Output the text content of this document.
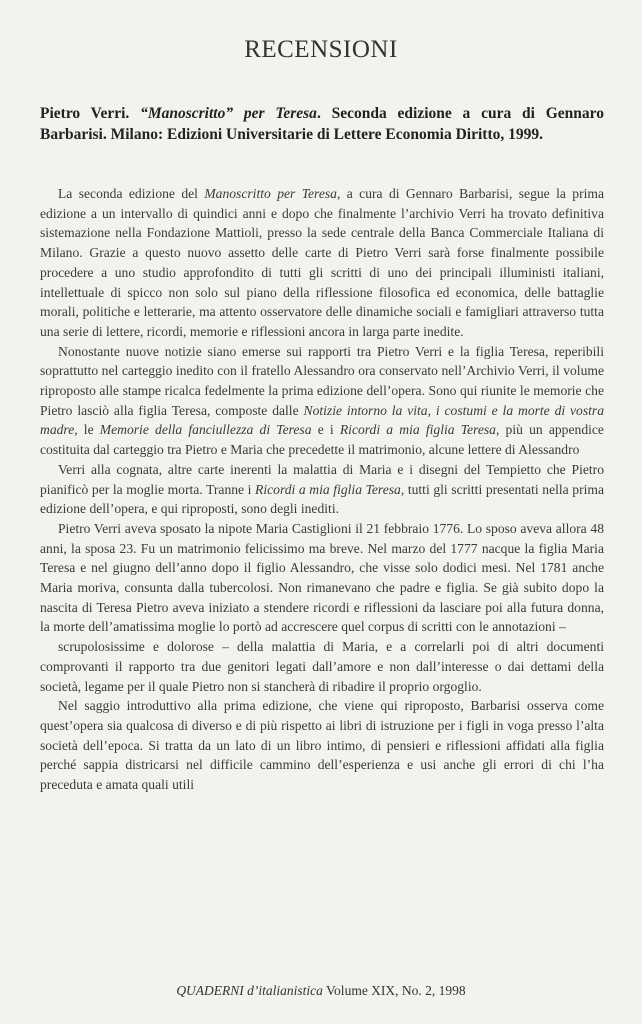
RECENSIONI

Pietro Verri. “Manoscritto” per Teresa. Seconda edizione a cura di Gennaro Barbarisi. Milano: Edizioni Universitarie di Lettere Economia Diritto, 1999.

La seconda edizione del Manoscritto per Teresa, a cura di Gennaro Barbarisi, segue la prima edizione a un intervallo di quindici anni e dopo che finalmente l’archivio Verri ha trovato definitiva sistemazione nella Fondazione Mattioli, presso la sede centrale della Banca Commerciale Italiana di Milano. Grazie a questo nuovo assetto delle carte di Pietro Verri sarà forse finalmente possibile procedere a uno studio approfondito di tutti gli scritti di uno dei principali illuministi italiani, intellettuale di spicco non solo sul piano della riflessione filosofica ed economica, delle battaglie morali, politiche e letterarie, ma attento osservatore delle dinamiche sociali e famigliari attraverso tutta una serie di lettere, ricordi, memorie e riflessioni ancora in larga parte inedite.

Nonostante nuove notizie siano emerse sui rapporti tra Pietro Verri e la figlia Teresa, reperibili soprattutto nel carteggio inedito con il fratello Alessandro ora conservato nell’Archivio Verri, il volume riproposto alle stampe ricalca fedelmente la prima edizione dell’opera. Sono qui riunite le memorie che Pietro lasciò alla figlia Teresa, composte dalle Notizie intorno la vita, i costumi e la morte di vostra madre, le Memorie della fanciullezza di Teresa e i Ricordi a mia figlia Teresa, più un appendice costituita dal carteggio tra Pietro e Maria che precedette il matrimonio, alcune lettere di Alessandro

Verri alla cognata, altre carte inerenti la malattia di Maria e i disegni del Tempietto che Pietro pianificò per la moglie morta. Tranne i Ricordi a mia figlia Teresa, tutti gli scritti presentati nella prima edizione dell’opera, e qui riproposti, sono degli inediti.

Pietro Verri aveva sposato la nipote Maria Castiglioni il 21 febbraio 1776. Lo sposo aveva allora 48 anni, la sposa 23. Fu un matrimonio felicissimo ma breve. Nel marzo del 1777 nacque la figlia Maria Teresa e nel giugno dell’anno dopo il figlio Alessandro, che visse solo dodici mesi. Nel 1781 anche Maria moriva, consunta dalla tubercolosi. Non rimanevano che padre e figlia. Se già subito dopo la nascita di Teresa Pietro aveva iniziato a stendere ricordi e riflessioni da lasciare poi alla futura donna, la morte dell’amatissima moglie lo portò ad accrescere quel corpus di scritti con le annotazioni –

scrupolosissime e dolorose – della malattia di Maria, e a correlarli poi di altri documenti comprovanti il rapporto tra due genitori legati dall’amore e non dall’interesse o dai dettami della società, legame per il quale Pietro non si stancherà di ribadire il proprio orgoglio.

Nel saggio introduttivo alla prima edizione, che viene qui riproposto, Barbarisi osserva come quest’opera sia qualcosa di diverso e di più rispetto ai libri di istruzione per i figli in voga presso l’alta società dell’epoca. Si tratta da un lato di un libro intimo, di pensieri e riflessioni affidati alla figlia perché sappia districarsi nel difficile cammino dell’esperienza e usi anche gli errori di chi l’ha preceduta e amata quali utili

QUADERNI d’italianistica Volume XIX, No. 2, 1998
